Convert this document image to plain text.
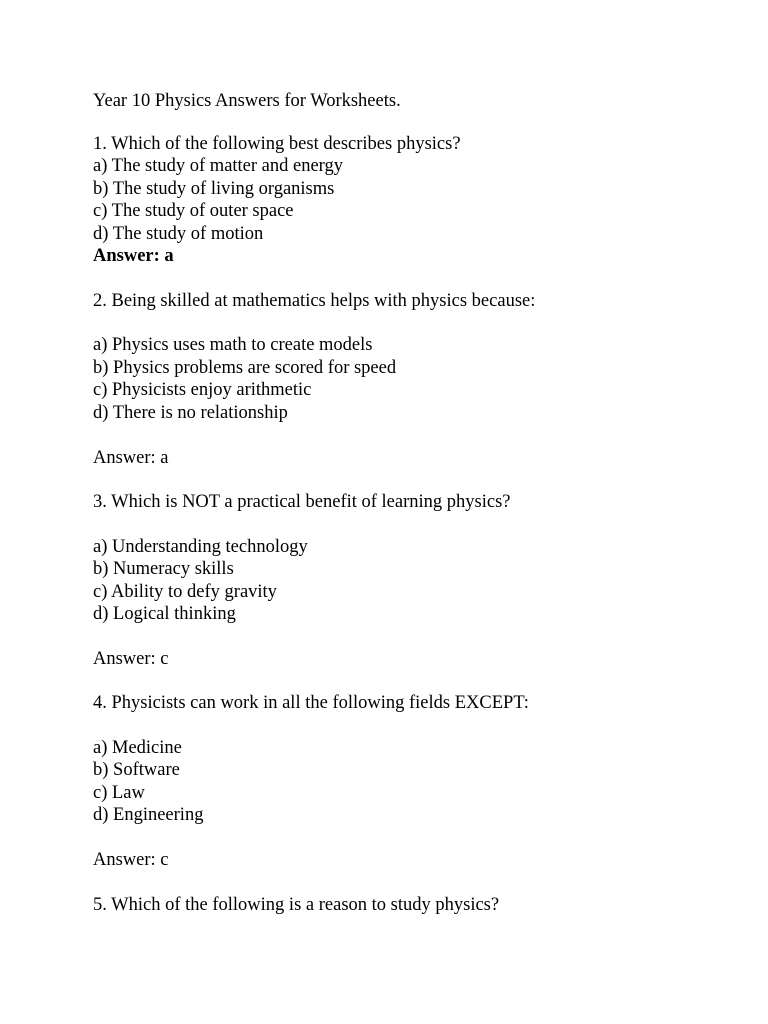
Year 10 Physics Answers for Worksheets.
1. Which of the following best describes physics?
a) The study of matter and energy
b) The study of living organisms
c) The study of outer space
d) The study of motion
Answer: a
2. Being skilled at mathematics helps with physics because:
a) Physics uses math to create models
b) Physics problems are scored for speed
c) Physicists enjoy arithmetic
d) There is no relationship
Answer: a
3. Which is NOT a practical benefit of learning physics?
a) Understanding technology
b) Numeracy skills
c) Ability to defy gravity
d) Logical thinking
Answer: c
4. Physicists can work in all the following fields EXCEPT:
a) Medicine
b) Software
c) Law
d) Engineering
Answer: c
5. Which of the following is a reason to study physics?
